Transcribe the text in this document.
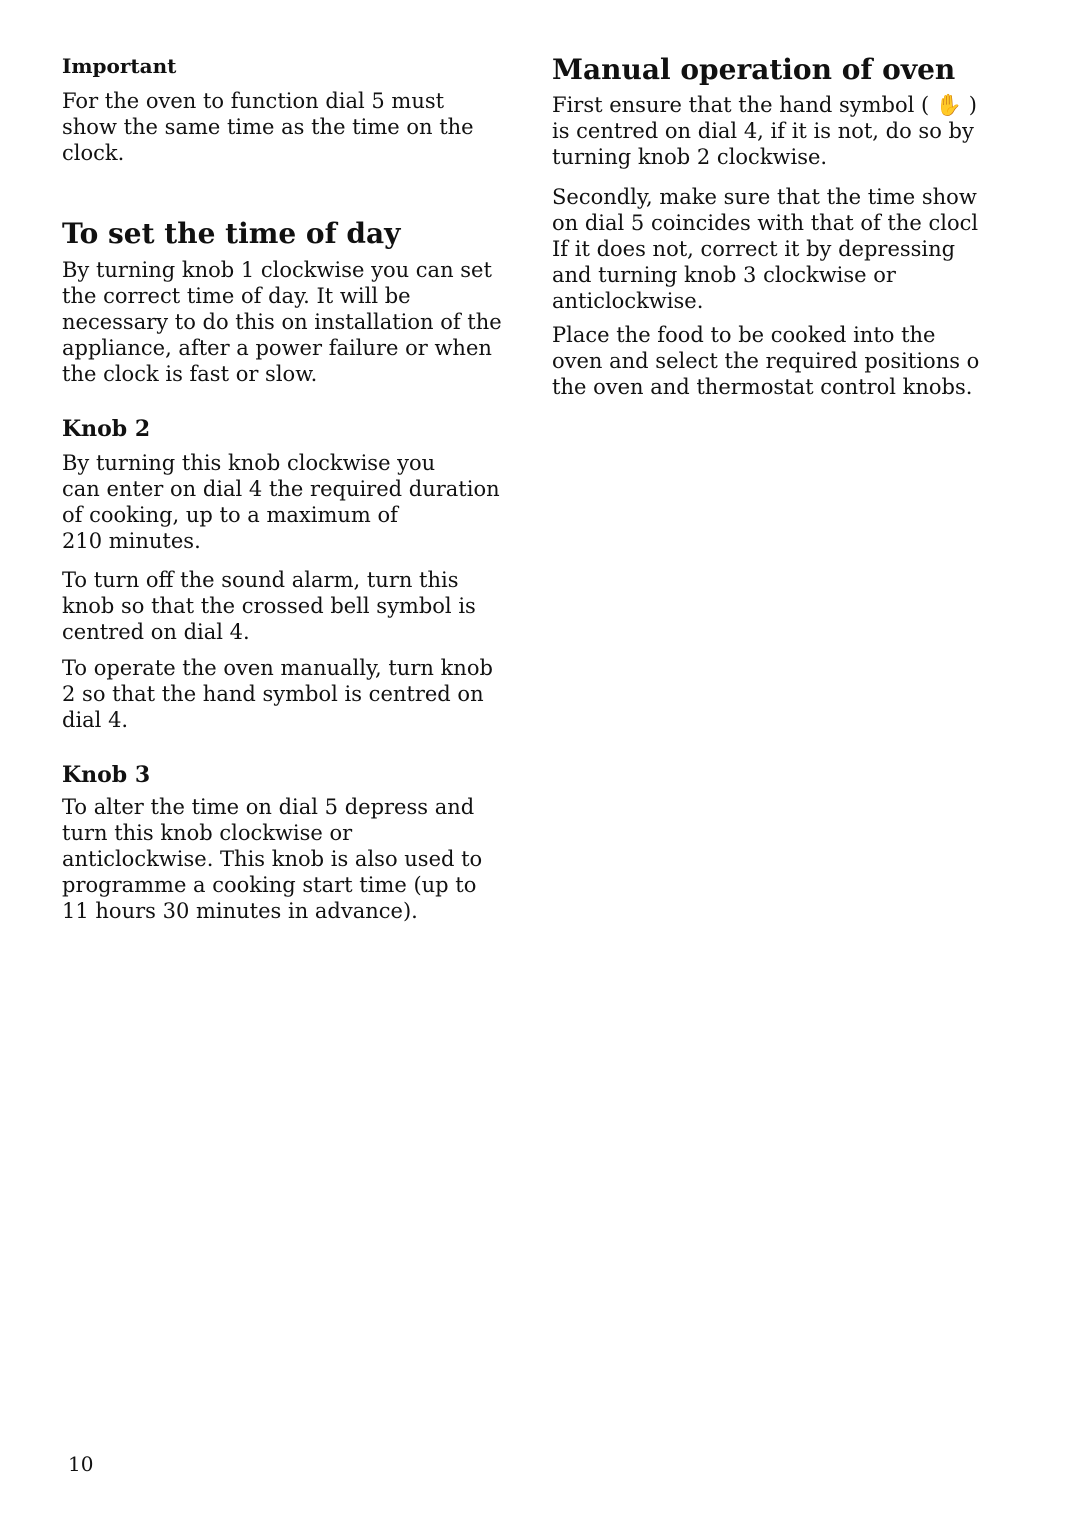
Important

For the oven to function dial 5 must
show the same time as the time on the
clock.

To set the time of day

By turning knob 1 clockwise you can set
the correct time of day. It will be
necessary to do this on installation of the
appliance, after a power failure or when
the clock is fast or slow.

Knob 2

By turning this knob clockwise you
can enter on dial 4 the required duration
of cooking, up to a maximum of
210 minutes.

To turn off the sound alarm, turn this
knob so that the crossed bell symbol is
centred on dial 4.

To operate the oven manually, turn knob
2 so that the hand symbol is centred on
dial 4.

Knob 3

To alter the time on dial 5 depress and
turn this knob clockwise or
anticlockwise. This knob is also used to
programme a cooking start time (up to
11 hours 30 minutes in advance).

Manual operation of oven

First ensure that the hand symbol ( ✋ )
is centred on dial 4, if it is not, do so by
turning knob 2 clockwise.

Secondly, make sure that the time show
on dial 5 coincides with that of the clocl
If it does not, correct it by depressing
and turning knob 3 clockwise or
anticlockwise.

Place the food to be cooked into the
oven and select the required positions o
the oven and thermostat control knobs.

10
